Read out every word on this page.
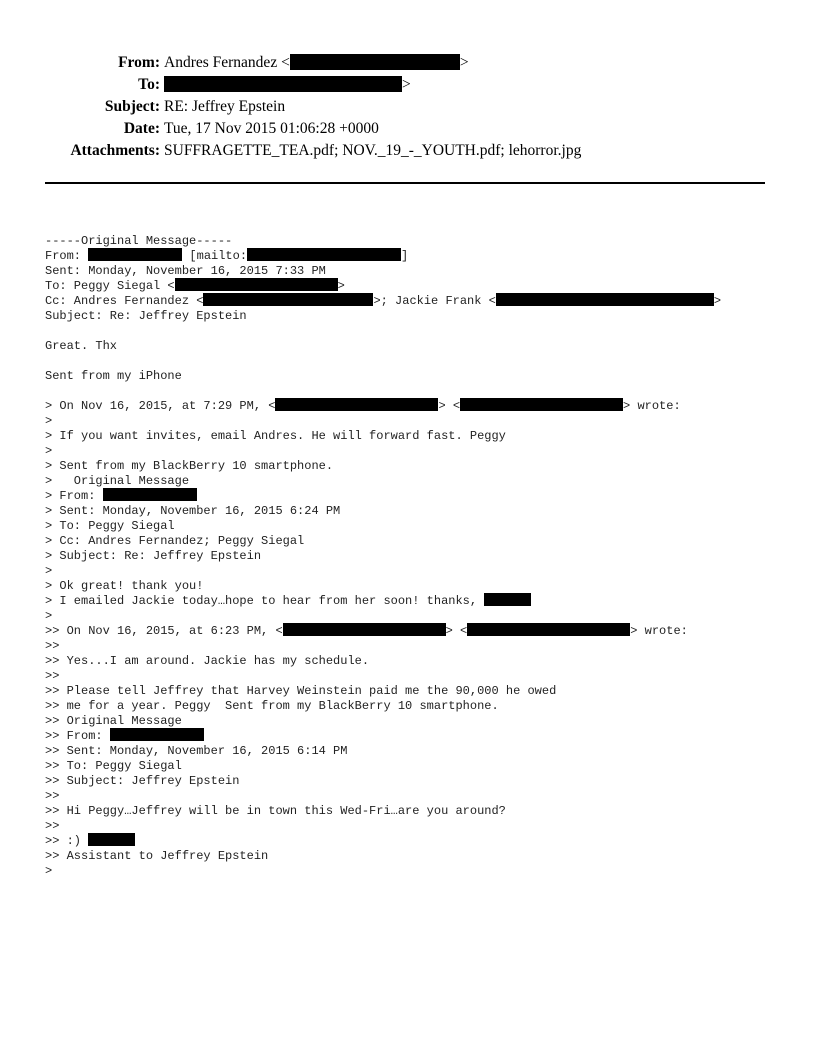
From: Andres Fernandez <	>
To:	>
Subject: RE: Jeffrey Epstein
Date: Tue, 17 Nov 2015 01:06:28 +0000
Attachments: SUFFRAGETTE_TEA.pdf; NOV._19_-_YOUTH.pdf; lehorror.jpg
-----Original Message-----
From:	[mailto:	]
Sent: Monday, November 16, 2015 7:33 PM
To: Peggy Siegal <	>
Cc: Andres Fernandez <	>; Jackie Frank <	>
Subject: Re: Jeffrey Epstein
Great. Thx
Sent from my iPhone
> On Nov 16, 2015, at 7:29 PM, <	> <	> wrote:
>
> If you want invites, email Andres. He will forward fast. Peggy
>
> Sent from my BlackBerry 10 smartphone.
>   Original Message
> From:
> Sent: Monday, November 16, 2015 6:24 PM
> To: Peggy Siegal
> Cc: Andres Fernandez; Peggy Siegal
> Subject: Re: Jeffrey Epstein
>
> Ok great! thank you!
> I emailed Jackie today…hope to hear from her soon! thanks,
>
>> On Nov 16, 2015, at 6:23 PM, <	> <	> wrote:
>>
>> Yes...I am around. Jackie has my schedule.
>>
>> Please tell Jeffrey that Harvey Weinstein paid me the 90,000 he owed
>> me for a year. Peggy  Sent from my BlackBerry 10 smartphone.
>> Original Message
>> From:
>> Sent: Monday, November 16, 2015 6:14 PM
>> To: Peggy Siegal
>> Subject: Jeffrey Epstein
>>
>> Hi Peggy…Jeffrey will be in town this Wed-Fri…are you around?
>>
>> :)
>> Assistant to Jeffrey Epstein
>
